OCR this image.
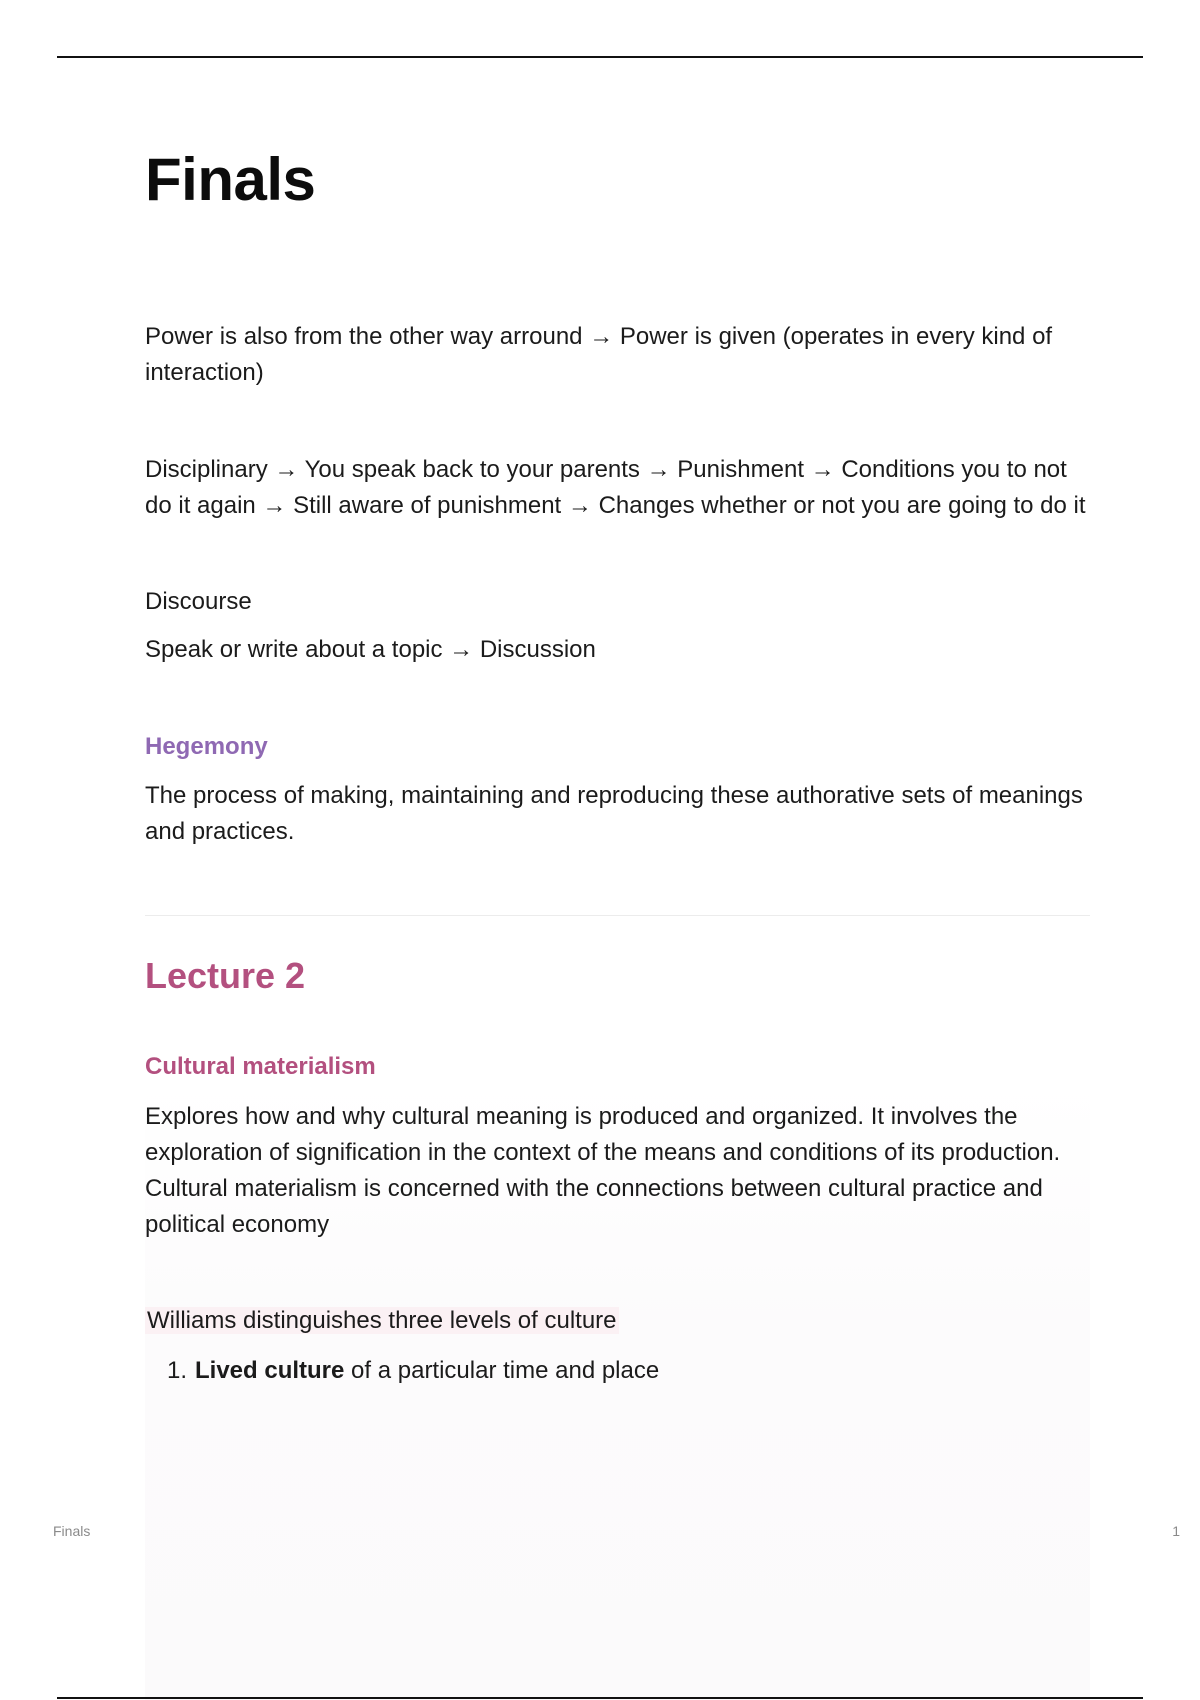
Finals

Power is also from the other way arround → Power is given (operates in every kind of interaction)

Disciplinary → You speak back to your parents → Punishment → Conditions you to not do it again → Still aware of punishment → Changes whether or not you are going to do it

Discourse

Speak or write about a topic → Discussion

Hegemony

The process of making, maintaining and reproducing these authorative sets of meanings and practices.

Lecture 2

Cultural materialism

Explores how and why cultural meaning is produced and organized. It involves the exploration of signification in the context of the means and conditions of its production. Cultural materialism is concerned with the connections between cultural practice and political economy

Williams distinguishes three levels of culture

1. Lived culture of a particular time and place

Finals	1
